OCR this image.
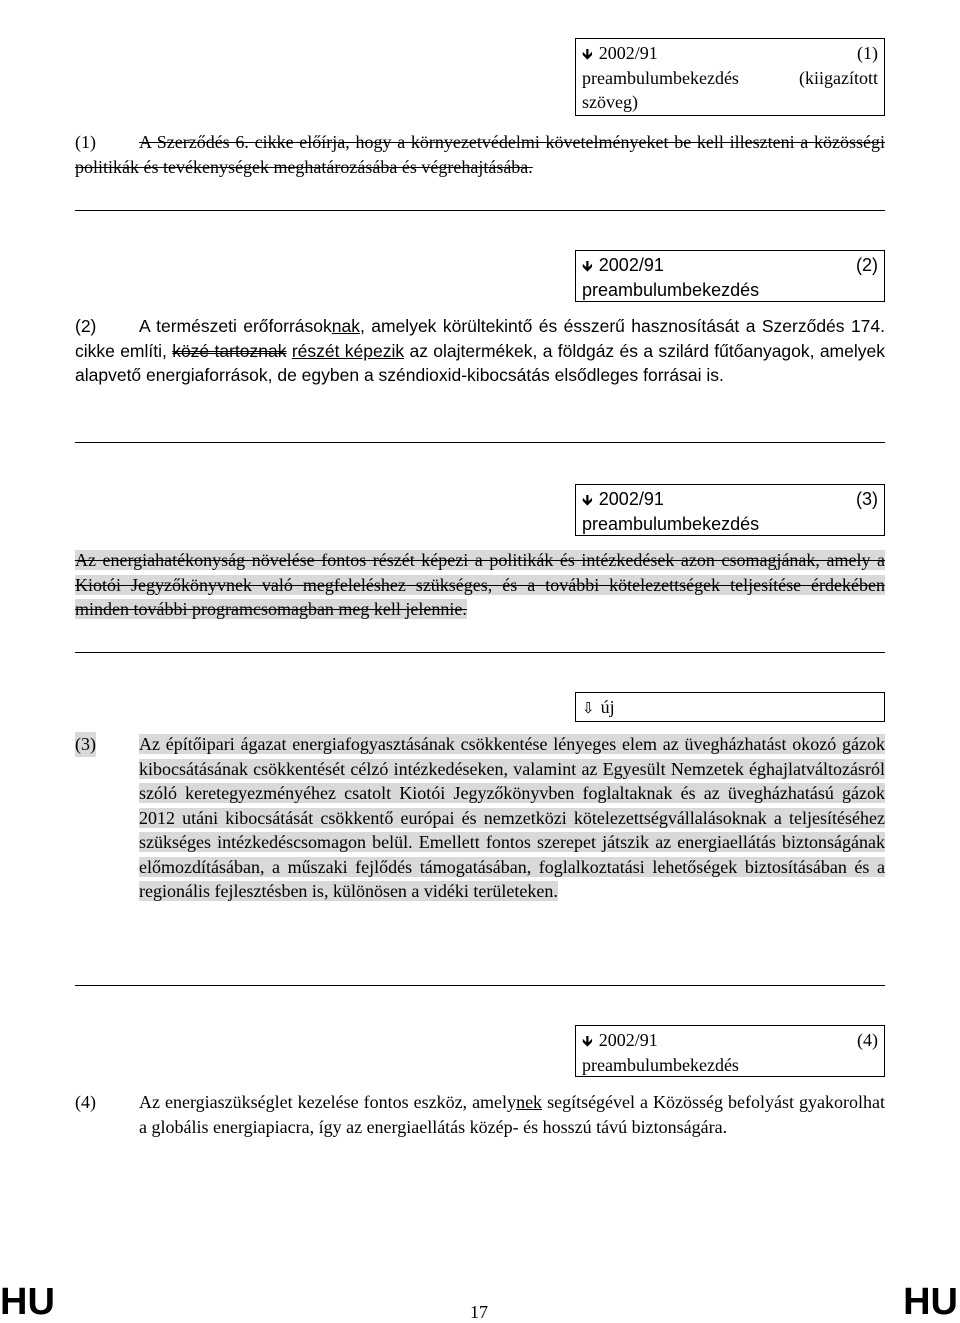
🡻 2002/91	(1)
preambulumbekezdés	(kiigazított
szöveg)
(1)	A Szerződés 6. cikke előírja, hogy a környezetvédelmi követelményeket be kell illeszteni a közösségi politikák és tevékenységek meghatározásába és végrehajtásába.
🡻 2002/91	(2)
preambulumbekezdés
(2)	A természeti erőforrásoknak, amelyek körültekintő és ésszerű hasznosítását a Szerződés 174. cikke említi, közé tartoznak részét képezik az olajtermékek, a földgáz és a szilárd fűtőanyagok, amelyek alapvető energiaforrások, de egyben a széndioxid-kibocsátás elsődleges forrásai is.
🡻 2002/91	(3)
preambulumbekezdés
Az energiahatékonyság növelése fontos részét képezi a politikák és intézkedések azon csomagjának, amely a Kiotói Jegyzőkönyvnek való megfeleléshez szükséges, és a további kötelezettségek teljesítése érdekében minden további programcsomagban meg kell jelennie.
⇩ új
(3) Az építőipari ágazat energiafogyasztásának csökkentése lényeges elem az üvegházhatást okozó gázok kibocsátásának csökkentését célzó intézkedéseken, valamint az Egyesült Nemzetek éghajlatváltozásról szóló keretegyezményéhez csatolt Kiotói Jegyzőkönyvben foglaltaknak és az üvegházhatású gázok 2012 utáni kibocsátását csökkentő európai és nemzetközi kötelezettségvállalásoknak a teljesítéséhez szükséges intézkedéscsomagon belül. Emellett fontos szerepet játszik az energiaellátás biztonságának előmozdításában, a műszaki fejlődés támogatásában, foglalkoztatási lehetőségek biztosításában és a regionális fejlesztésben is, különösen a vidéki területeken.
🡻 2002/91	(4)
preambulumbekezdés
(4) Az energiaszükséglet kezelése fontos eszköz, amelynek segítségével a Közösség befolyást gyakorolhat a globális energiapiacra, így az energiaellátás közép- és hosszú távú biztonságára.
HU	17	HU
